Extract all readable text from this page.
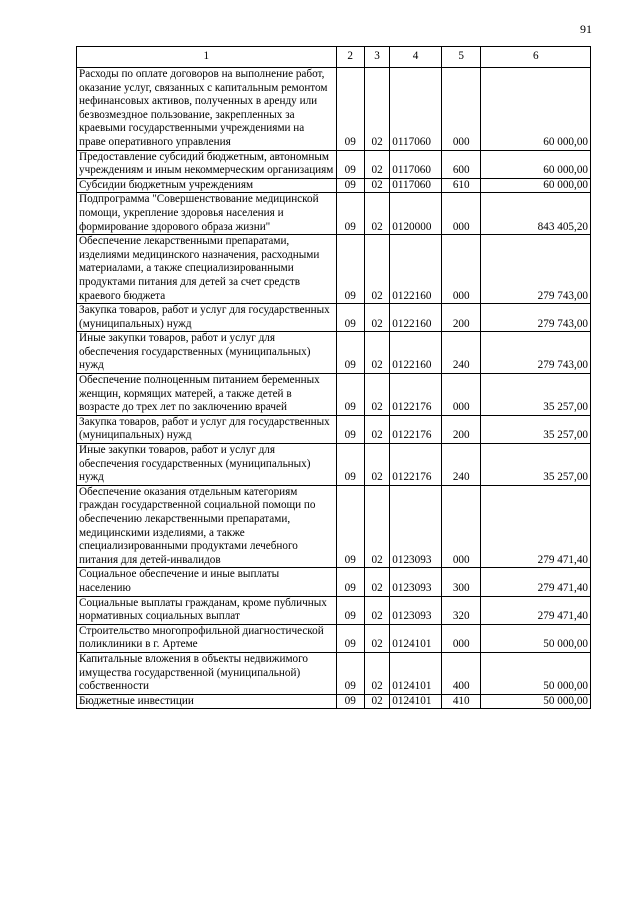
91
1	2	3	4	5	6
Расходы по оплате договоров на выполнение работ, оказание услуг, связанных с капитальным ремонтом нефинансовых активов, полученных в аренду или безвозмездное пользование, закрепленных за краевыми государственными учреждениями на праве оперативного управления	09	02	0117060	000	60 000,00
Предоставление субсидий бюджетным, автономным учреждениям и иным некоммерческим организациям	09	02	0117060	600	60 000,00
Субсидии бюджетным учреждениям	09	02	0117060	610	60 000,00
Подпрограмма "Совершенствование медицинской помощи, укрепление здоровья населения и формирование здорового образа жизни"	09	02	0120000	000	843 405,20
Обеспечение лекарственными препаратами, изделиями медицинского назначения, расходными материалами, а также специализированными продуктами питания для детей за счет средств краевого бюджета	09	02	0122160	000	279 743,00
Закупка товаров, работ и услуг для государственных (муниципальных) нужд	09	02	0122160	200	279 743,00
Иные закупки товаров, работ и услуг для обеспечения государственных (муниципальных) нужд	09	02	0122160	240	279 743,00
Обеспечение полноценным питанием беременных женщин, кормящих матерей, а также детей в возрасте до трех лет по заключению врачей	09	02	0122176	000	35 257,00
Закупка товаров, работ и услуг для государственных (муниципальных) нужд	09	02	0122176	200	35 257,00
Иные закупки товаров, работ и услуг для обеспечения государственных (муниципальных) нужд	09	02	0122176	240	35 257,00
Обеспечение оказания отдельным категориям граждан государственной социальной помощи по обеспечению лекарственными препаратами, медицинскими изделиями, а также специализированными продуктами лечебного питания для детей-инвалидов	09	02	0123093	000	279 471,40
Социальное обеспечение и иные выплаты населению	09	02	0123093	300	279 471,40
Социальные выплаты гражданам, кроме публичных нормативных социальных выплат	09	02	0123093	320	279 471,40
Строительство многопрофильной диагностической поликлиники в г. Артеме	09	02	0124101	000	50 000,00
Капитальные вложения в объекты недвижимого имущества государственной (муниципальной) собственности	09	02	0124101	400	50 000,00
Бюджетные инвестиции	09	02	0124101	410	50 000,00
